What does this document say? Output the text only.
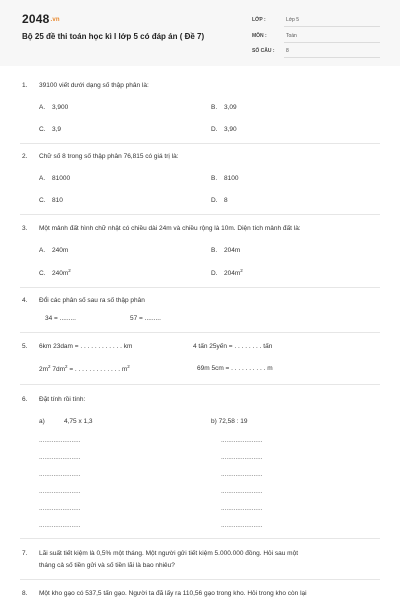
2048.vn
Bộ 25 đề thi toán học kì I lớp 5 có đáp án ( Đề 7)
LỚP :	Lớp 5
MÔN :	Toán
SỐ CÂU :	8
1. 39100 viết dưới dạng số thập phân là:
A. 3,900	B. 3,09
C. 3,9	D. 3,90
2. Chữ số 8 trong số thập phân 76,815 có giá trị là:
A. 81000	B. 8100
C. 810	D. 8
3. Một mảnh đất hình chữ nhật có chiều dài 24m và chiều rộng là 10m. Diện tích mảnh đất là:
A. 240m	B. 204m
C. $240m^2$	D. $204m^2$
4. Đổi các phân số sau ra số thập phân
34 = .........	57 = .........
5. 6km 23dam = . . . . . . . . . . . . km	4 tấn 25yến = . . . . . . . . tấn
$2m^2$ $7dm^2$ = . . . . . . . . . . . . . $m^2$	69m 5cm = . . . . . . . . . . m
6. Đặt tính rồi tính:
a)	4,75 x 1,3	b) 72,58 : 19
.......................	.......................
.......................	.......................
.......................	.......................
.......................	.......................
.......................	.......................
.......................	.......................
7. Lãi suất tiết kiệm là 0,5% một tháng. Một người gửi tiết kiệm 5.000.000 đồng. Hỏi sau một
tháng cả số tiền gửi và số tiền lãi là bao nhiêu?
8. Một kho gạo có 537,5 tấn gạo. Người ta đã lấy ra 110,56 gạo trong kho. Hỏi trong kho còn lại
